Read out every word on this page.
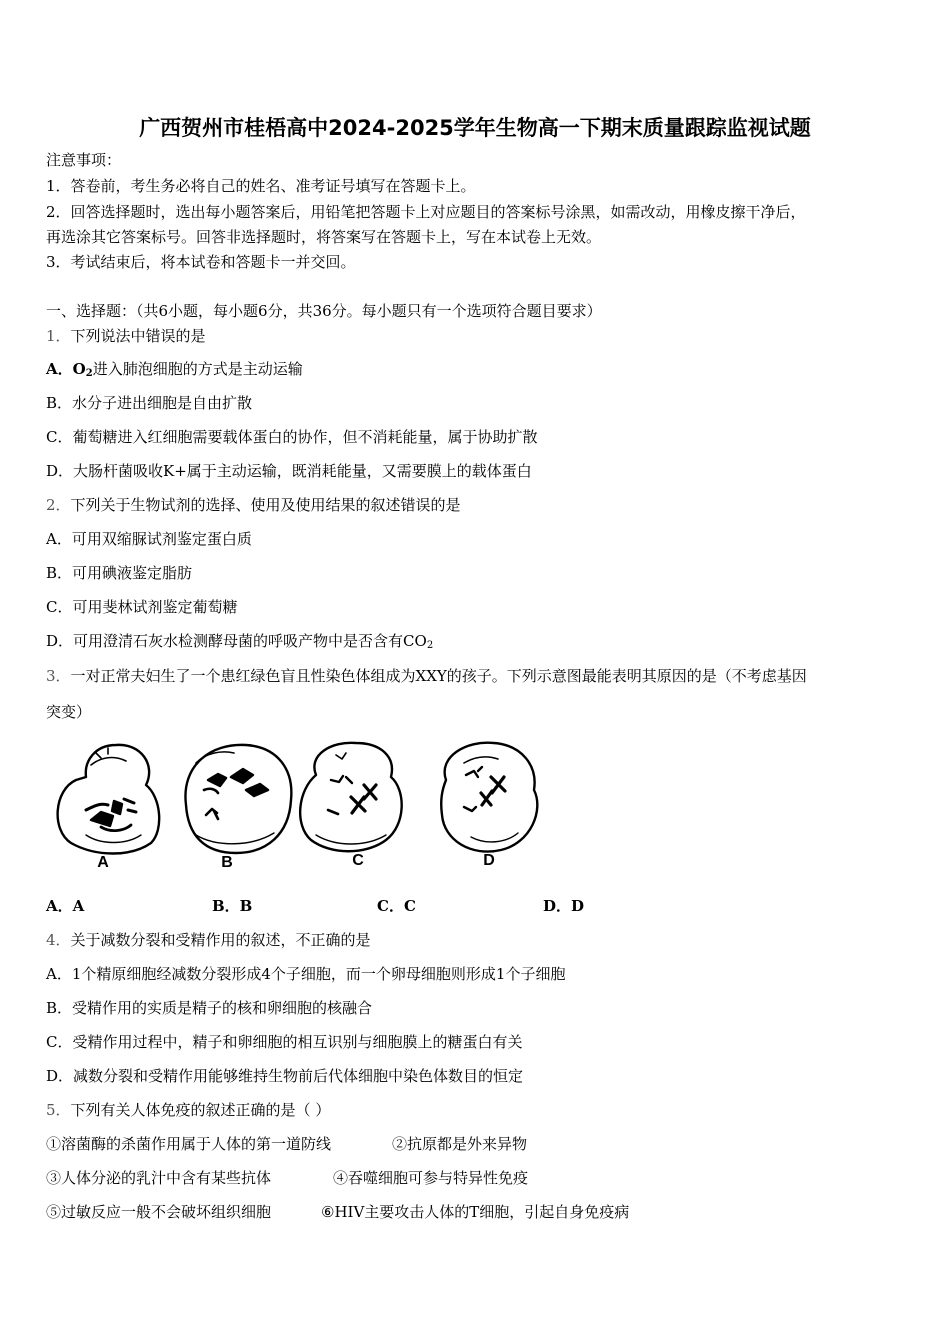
广西贺州市桂梧高中2024-2025学年生物高一下期末质量跟踪监视试题
注意事项：
1．答卷前，考生务必将自己的姓名、准考证号填写在答题卡上。
2．回答选择题时，选出每小题答案后，用铅笔把答题卡上对应题目的答案标号涂黑，如需改动，用橡皮擦干净后，
再选涂其它答案标号。回答非选择题时，将答案写在答题卡上，写在本试卷上无效。
3．考试结束后，将本试卷和答题卡一并交回。
一、选择题：（共6小题，每小题6分，共36分。每小题只有一个选项符合题目要求）
1．下列说法中错误的是
A．$O_2$进入肺泡细胞的方式是主动运输
B．水分子进出细胞是自由扩散
C．葡萄糖进入红细胞需要载体蛋白的协作，但不消耗能量，属于协助扩散
D．大肠杆菌吸收K+属于主动运输，既消耗能量，又需要膜上的载体蛋白
2．下列关于生物试剂的选择、使用及使用结果的叙述错误的是
A．可用双缩脲试剂鉴定蛋白质
B．可用碘液鉴定脂肪
C．可用斐林试剂鉴定葡萄糖
D．可用澄清石灰水检测酵母菌的呼吸产物中是否含有$CO_2$
3．一对正常夫妇生了一个患红绿色盲且性染色体组成为XXY的孩子。下列示意图最能表明其原因的是（不考虑基因
突变）
A	B	C	D
A．A	B．B	C．C	D．D
4．关于减数分裂和受精作用的叙述，不正确的是
A．1个精原细胞经减数分裂形成4个子细胞，而一个卵母细胞则形成1个子细胞
B．受精作用的实质是精子的核和卵细胞的核融合
C．受精作用过程中，精子和卵细胞的相互识别与细胞膜上的糖蛋白有关
D．减数分裂和受精作用能够维持生物前后代体细胞中染色体数目的恒定
5．下列有关人体免疫的叙述正确的是（ ）
①溶菌酶的杀菌作用属于人体的第一道防线	②抗原都是外来异物
③人体分泌的乳汁中含有某些抗体	④吞噬细胞可参与特异性免疫
⑤过敏反应一般不会破坏组织细胞	⑥HIV主要攻击人体的T细胞，引起自身免疫病
